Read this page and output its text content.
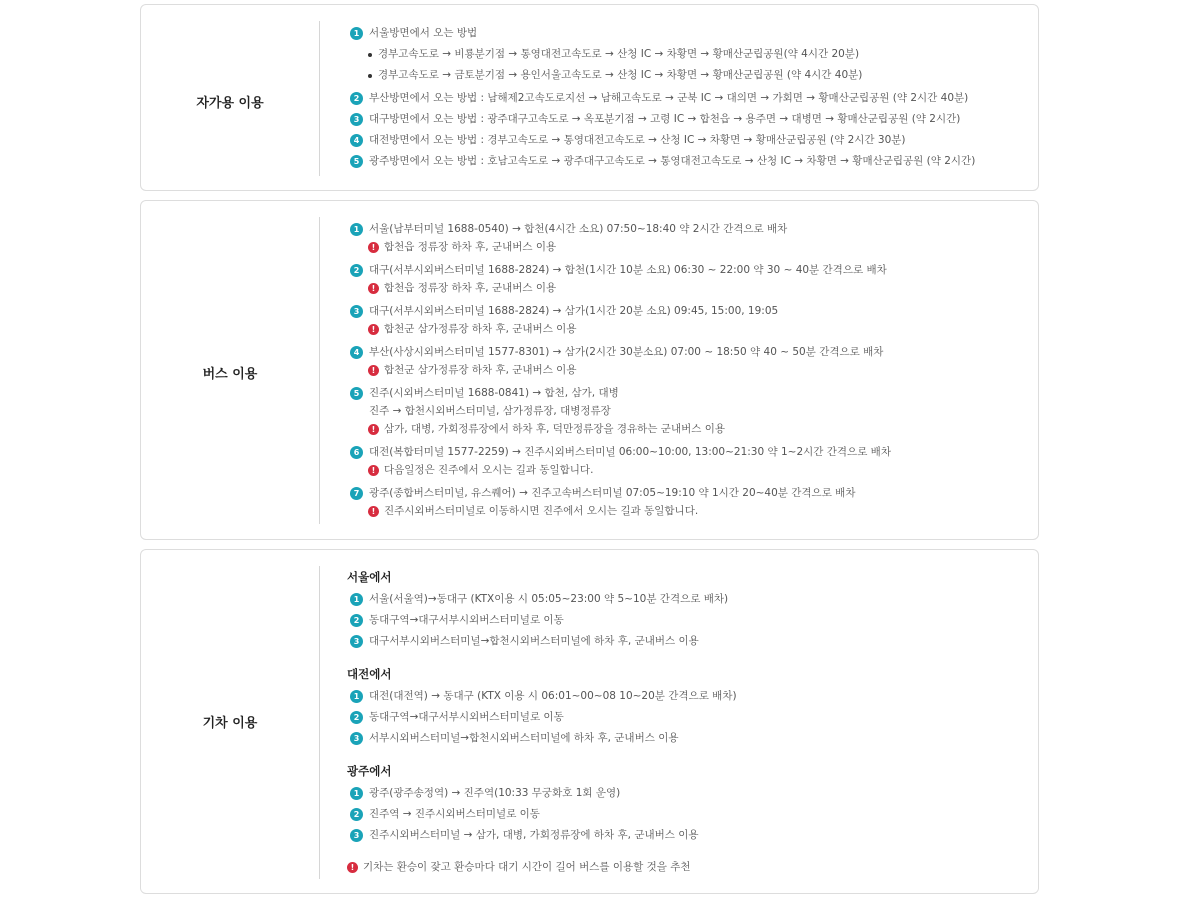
자가용 이용
1 서울방면에서 오는 방법
경부고속도로 → 비룡분기점 → 통영대전고속도로 → 산청 IC → 차황면 → 황매산군립공원(약 4시간 20분)
경부고속도로 → 금토분기점 → 용인서울고속도로 → 산청 IC → 차황면 → 황매산군립공원 (약 4시간 40분)
2 부산방면에서 오는 방법 : 남해제2고속도로지선 → 남해고속도로 → 군북 IC → 대의면 → 가회면 → 황매산군립공원 (약 2시간 40분)
3 대구방면에서 오는 방법 : 광주대구고속도로 → 옥포분기점 → 고령 IC → 합천읍 → 용주면 → 대병면 → 황매산군립공원 (약 2시간)
4 대전방면에서 오는 방법 : 경부고속도로 → 통영대전고속도로 → 산청 IC → 차황면 → 황매산군립공원 (약 2시간 30분)
5 광주방면에서 오는 방법 : 호남고속도로 → 광주대구고속도로 → 통영대전고속도로 → 산청 IC → 차황면 → 황매산군립공원 (약 2시간)
버스 이용
1 서울(남부터미널 1688-0540) → 합천(4시간 소요) 07:50~18:40 약 2시간 간격으로 배차
! 합천읍 정류장 하차 후, 군내버스 이용
2 대구(서부시외버스터미널 1688-2824) → 합천(1시간 10분 소요) 06:30 ~ 22:00 약 30 ~ 40분 간격으로 배차
! 합천읍 정류장 하차 후, 군내버스 이용
3 대구(서부시외버스터미널 1688-2824) → 삼가(1시간 20분 소요) 09:45, 15:00, 19:05
! 합천군 삼가정류장 하차 후, 군내버스 이용
4 부산(사상시외버스터미널 1577-8301) → 삼가(2시간 30분소요) 07:00 ~ 18:50 약 40 ~ 50분 간격으로 배차
! 합천군 삼가정류장 하차 후, 군내버스 이용
5 진주(시외버스터미널 1688-0841) → 합천, 삼가, 대병
진주 → 합천시외버스터미널, 삼가정류장, 대병정류장
! 삼가, 대병, 가회정류장에서 하차 후, 덕만정류장을 경유하는 군내버스 이용
6 대전(복합터미널 1577-2259) → 진주시외버스터미널 06:00~10:00, 13:00~21:30 약 1~2시간 간격으로 배차
! 다음일정은 진주에서 오시는 길과 동일합니다.
7 광주(종합버스터미널, 유스퀘어) → 진주고속버스터미널 07:05~19:10 약 1시간 20~40분 간격으로 배차
! 진주시외버스터미널로 이동하시면 진주에서 오시는 길과 동일합니다.
기차 이용
서울에서
1 서울(서울역)→동대구 (KTX이용 시 05:05~23:00 약 5~10분 간격으로 배차)
2 동대구역→대구서부시외버스터미널로 이동
3 대구서부시외버스터미널→합천시외버스터미널에 하차 후, 군내버스 이용
대전에서
1 대전(대전역) → 동대구 (KTX 이용 시 06:01~00~08 10~20분 간격으로 배차)
2 동대구역→대구서부시외버스터미널로 이동
3 서부시외버스터미널→합천시외버스터미널에 하차 후, 군내버스 이용
광주에서
1 광주(광주송정역) → 진주역(10:33 무궁화호 1회 운영)
2 진주역 → 진주시외버스터미널로 이동
3 진주시외버스터미널 → 삼가, 대병, 가회정류장에 하차 후, 군내버스 이용
! 기차는 환승이 잦고 환승마다 대기 시간이 길어 버스를 이용할 것을 추천
